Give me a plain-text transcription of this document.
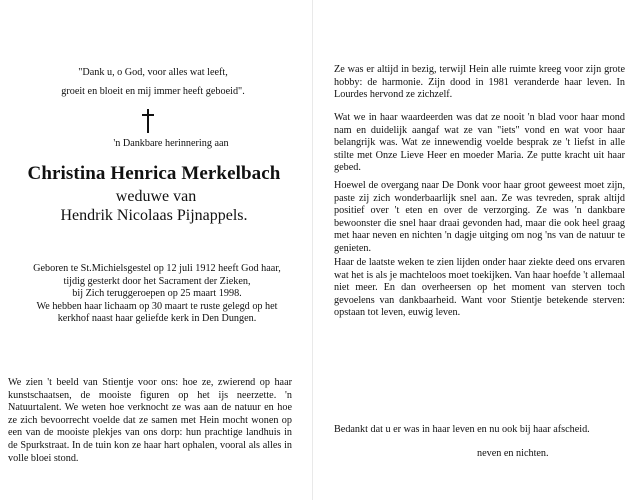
"Dank u, o God, voor alles wat leeft,
groeit en bloeit en mij immer heeft geboeid".
'n Dankbare herinnering aan
Christina Henrica Merkelbach
weduwe van
Hendrik Nicolaas Pijnappels.
Geboren te St.Michielsgestel op 12 juli 1912 heeft God haar,
tijdig gesterkt door het Sacrament der Zieken,
bij Zich teruggeroepen op 25 maart 1998.
We hebben haar lichaam op 30 maart te ruste gelegd op het
kerkhof naast haar geliefde kerk in Den Dungen.
We zien 't beeld van Stientje voor ons: hoe ze, zwierend op haar kunstschaatsen, de mooiste figuren op het ijs neerzette. 'n Natuurtalent. We weten hoe verknocht ze was aan de natuur en hoe ze zich bevoorrecht voelde dat ze samen met Hein mocht wonen op een van de mooiste plekjes van ons dorp: hun prachtige landhuis in de Spurkstraat. In de tuin kon ze haar hart ophalen, vooral als alles in volle bloei stond.
Ze was er altijd in bezig, terwijl Hein alle ruimte kreeg voor zijn grote hobby: de harmonie. Zijn dood in 1981 veranderde haar leven. In Lourdes hervond ze zichzelf.
Wat we in haar waardeerden was dat ze nooit 'n blad voor haar mond nam en duidelijk aangaf wat ze van "iets" vond en wat voor haar belangrijk was. Wat ze innewendig voelde besprak ze 't liefst in alle stilte met Onze Lieve Heer en moeder Maria. Ze putte kracht uit haar gebed.
Hoewel de overgang naar De Donk voor haar groot geweest moet zijn, paste zij zich wonderbaarlijk snel aan. Ze was tevreden, sprak altijd positief over 't eten en over de verzorging. Ze was 'n dankbare bewoonster die snel haar draai gevonden had, maar die ook heel graag met haar neven en nichten 'n dagje uitging om nog 'ns van de natuur te genieten.
Haar de laatste weken te zien lijden onder haar ziekte deed ons ervaren wat het is als je machteloos moet toekijken. Van haar hoefde 't allemaal niet meer. En dan overheersen op het moment van sterven toch gevoelens van dankbaarheid. Want voor Stientje betekende sterven: opstaan tot leven, euwig leven.
Bedankt dat u er was in haar leven en nu ook bij haar afscheid.
neven en nichten.
